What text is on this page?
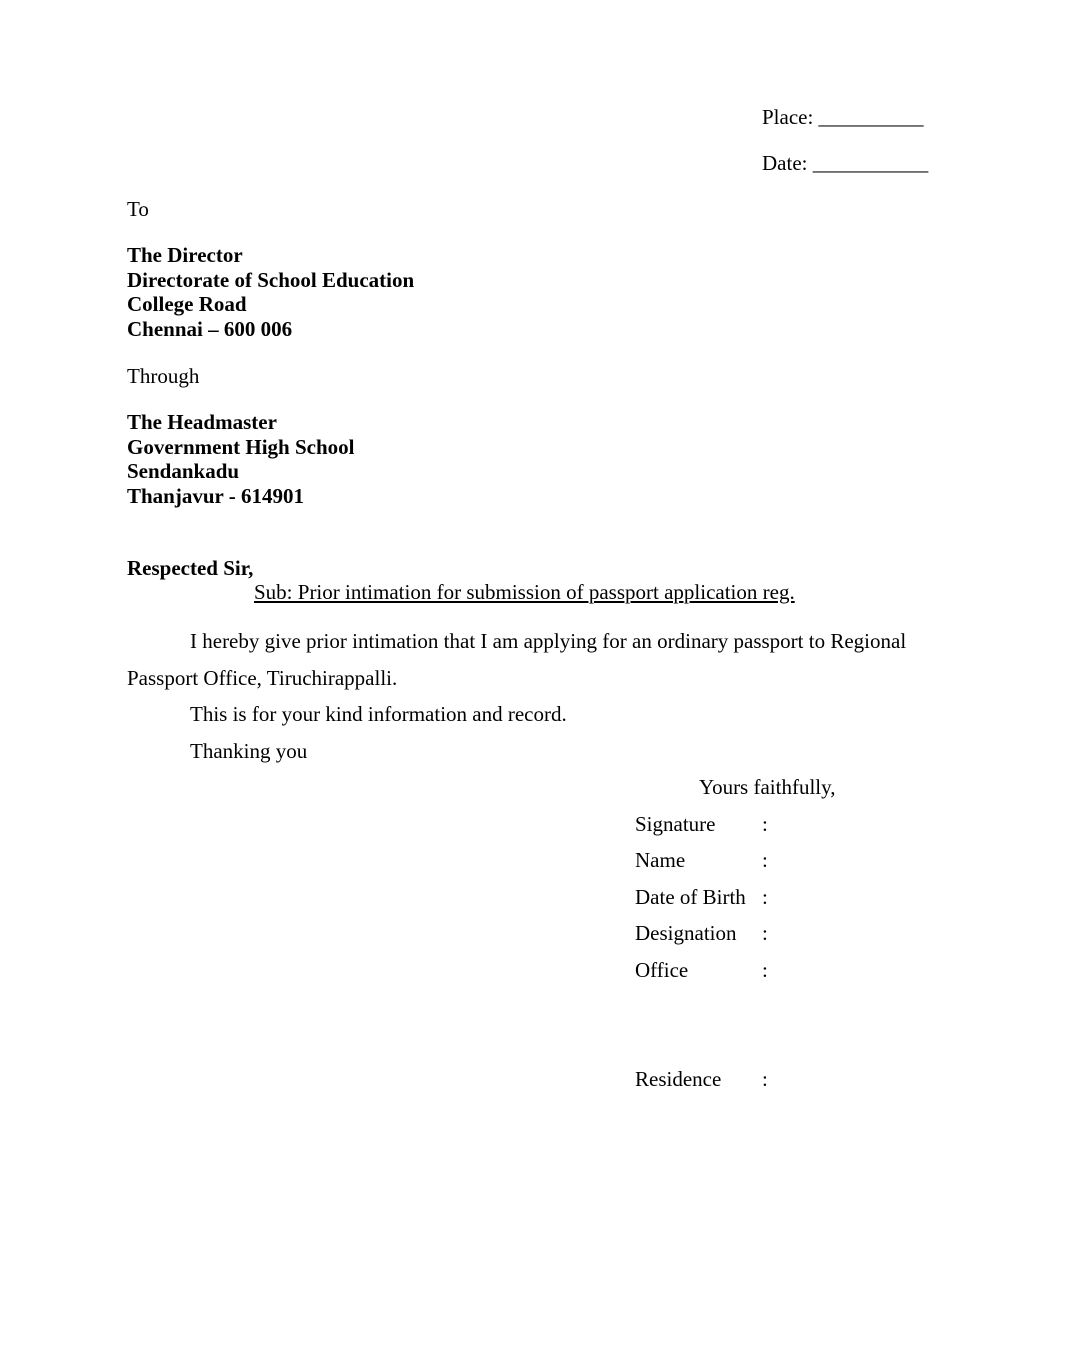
Place: __________
Date: ___________
To
The Director
Directorate of School Education
College Road
Chennai – 600 006
Through
The Headmaster
Government High School
Sendankadu
Thanjavur - 614901
Respected Sir,
Sub: Prior intimation for submission of passport application reg.
I hereby give prior intimation that I am applying for an ordinary passport to Regional
Passport Office, Tiruchirappalli.
This is for your kind information and record.
Thanking you
Yours faithfully,
Signature :
Name	:
Date of Birth :
Designation :
Office	:
Residence :
